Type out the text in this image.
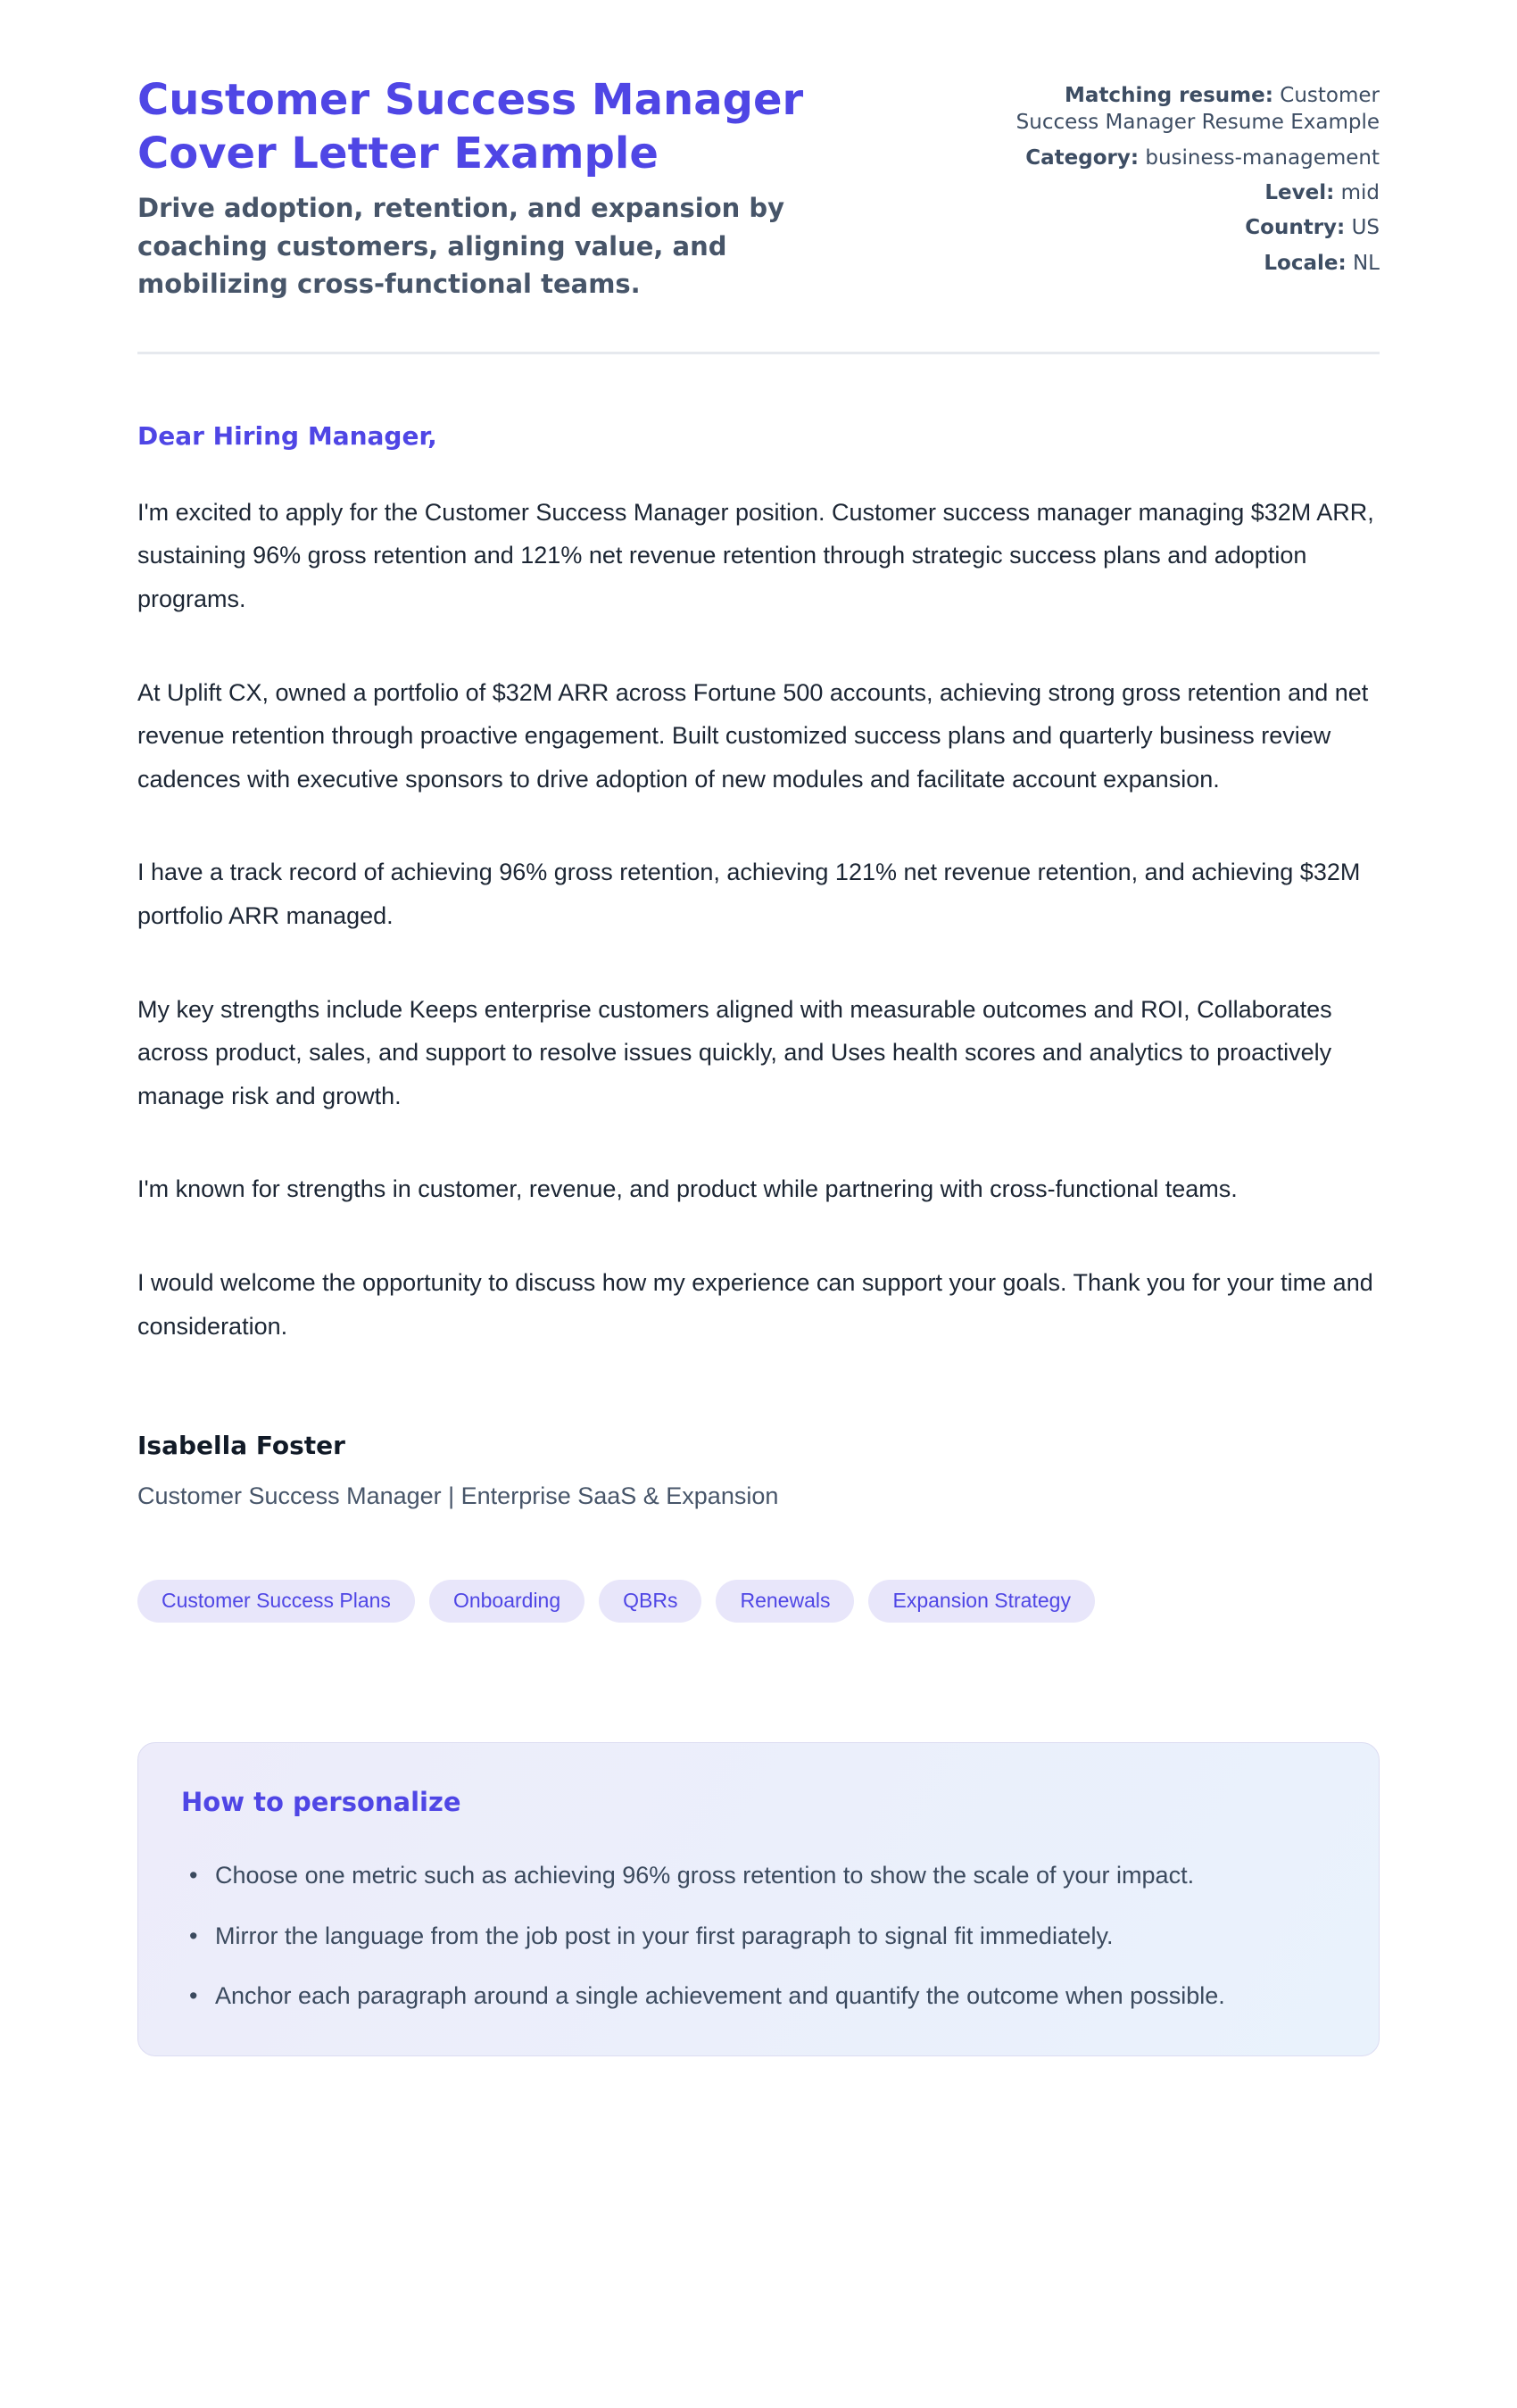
Customer Success Manager Cover Letter Example

Drive adoption, retention, and expansion by coaching customers, aligning value, and mobilizing cross-functional teams.

Matching resume: Customer Success Manager Resume Example
Category: business-management
Level: mid
Country: US
Locale: NL

Dear Hiring Manager,

I'm excited to apply for the Customer Success Manager position. Customer success manager managing $32M ARR, sustaining 96% gross retention and 121% net revenue retention through strategic success plans and adoption programs.

At Uplift CX, owned a portfolio of $32M ARR across Fortune 500 accounts, achieving strong gross retention and net revenue retention through proactive engagement. Built customized success plans and quarterly business review cadences with executive sponsors to drive adoption of new modules and facilitate account expansion.

I have a track record of achieving 96% gross retention, achieving 121% net revenue retention, and achieving $32M portfolio ARR managed.

My key strengths include Keeps enterprise customers aligned with measurable outcomes and ROI, Collaborates across product, sales, and support to resolve issues quickly, and Uses health scores and analytics to proactively manage risk and growth.

I'm known for strengths in customer, revenue, and product while partnering with cross-functional teams.

I would welcome the opportunity to discuss how my experience can support your goals. Thank you for your time and consideration.

Isabella Foster

Customer Success Manager | Enterprise SaaS & Expansion

Customer Success Plans	Onboarding	QBRs	Renewals	Expansion Strategy
How to personalize
• Choose one metric such as achieving 96% gross retention to show the scale of your impact.
• Mirror the language from the job post in your first paragraph to signal fit immediately.
• Anchor each paragraph around a single achievement and quantify the outcome when possible.
